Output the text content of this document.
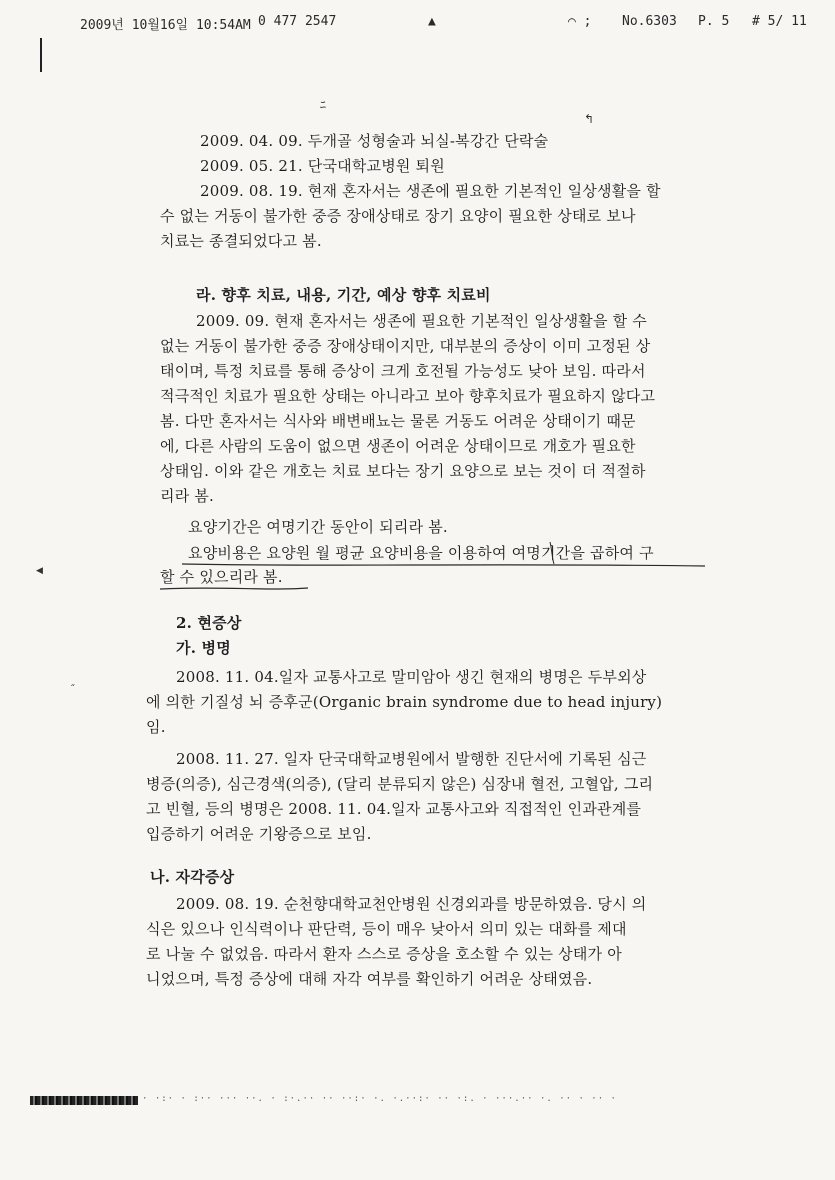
2009년 10월16일 10:54AM 0 477 2547	▲	⌒ ; No.6303 P. 5 # 5/ 11
ﾆ
↰
◀
˝
2009. 04. 09. 두개골 성형술과 뇌실-복강간 단락술
2009. 05. 21. 단국대학교병원 퇴원
2009. 08. 19. 현재 혼자서는 생존에 필요한 기본적인 일상생활을 할
수 없는 거동이 불가한 중증 장애상태로 장기 요양이 필요한 상태로 보나
치료는 종결되었다고 봄.
라. 향후 치료, 내용, 기간, 예상 향후 치료비
2009. 09. 현재 혼자서는 생존에 필요한 기본적인 일상생활을 할 수
없는 거동이 불가한 중증 장애상태이지만, 대부분의 증상이 이미 고정된 상
태이며, 특정 치료를 통해 증상이 크게 호전될 가능성도 낮아 보임. 따라서
적극적인 치료가 필요한 상태는 아니라고 보아 향후치료가 필요하지 않다고
봄. 다만 혼자서는 식사와 배변배뇨는 물론 거동도 어려운 상태이기 때문
에, 다른 사람의 도움이 없으면 생존이 어려운 상태이므로 개호가 필요한
상태임. 이와 같은 개호는 치료 보다는 장기 요양으로 보는 것이 더 적절하
리라 봄.
요양기간은 여명기간 동안이 되리라 봄.
요양비용은 요양원 월 평균 요양비용을 이용하여 여명기간을 곱하여 구
할 수 있으리라 봄.
2. 현증상
가. 병명
2008. 11. 04.일자 교통사고로 말미암아 생긴 현재의 병명은 두부외상
에 의한 기질성 뇌 증후군(Organic brain syndrome due to head injury)
임.
2008. 11. 27. 일자 단국대학교병원에서 발행한 진단서에 기록된 심근
병증(의증), 심근경색(의증), (달리 분류되지 않은) 심장내 혈전, 고혈압, 그리
고 빈혈, 등의 병명은 2008. 11. 04.일자 교통사고와 직접적인 인과관계를
입증하기 어려운 기왕증으로 보임.
나. 자각증상
2009. 08. 19. 순천향대학교천안병원 신경외과를 방문하였음. 당시 의
식은 있으나 인식력이나 판단력, 등이 매우 낮아서 의미 있는 대화를 제대
로 나눌 수 없었음. 따라서 환자 스스로 증상을 호소할 수 있는 상태가 아
니었으며, 특정 증상에 대해 자각 여부를 확인하기 어려운 상태였음.
· ·:· · :·· ··· ··. · :·.·· ·· ··:· ·. ·.··:· ·· ·:. · ···.·· ·. ·· · ·· ·
